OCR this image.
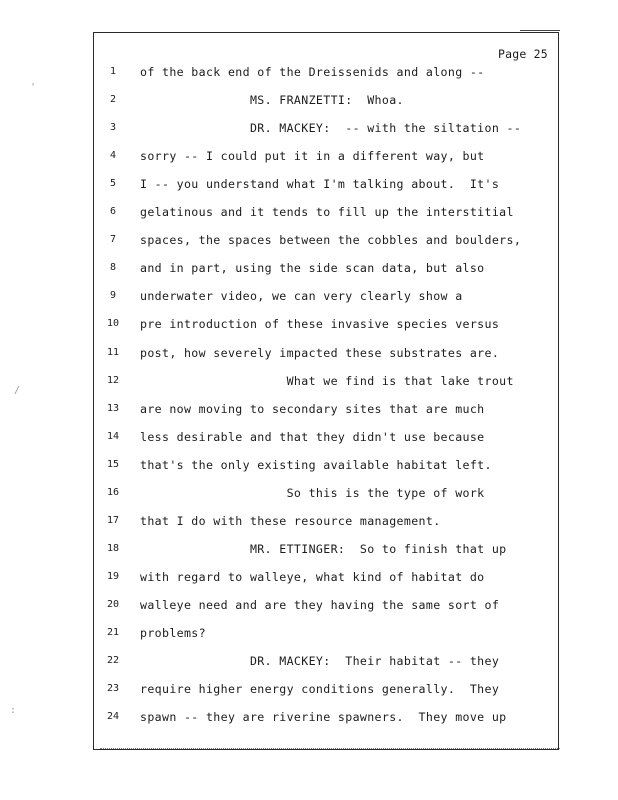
'
/
:
Page 25
1	of the back end of the Dreissenids and along --
2	MS. FRANZETTI:  Whoa.
3	DR. MACKEY:  -- with the siltation --
4	sorry -- I could put it in a different way, but
5	I -- you understand what I'm talking about.  It's
6	gelatinous and it tends to fill up the interstitial
7	spaces, the spaces between the cobbles and boulders,
8	and in part, using the side scan data, but also
9	underwater video, we can very clearly show a
10	pre introduction of these invasive species versus
11	post, how severely impacted these substrates are.
12	What we find is that lake trout
13	are now moving to secondary sites that are much
14	less desirable and that they didn't use because
15	that's the only existing available habitat left.
16	So this is the type of work
17	that I do with these resource management.
18	MR. ETTINGER:  So to finish that up
19	with regard to walleye, what kind of habitat do
20	walleye need and are they having the same sort of
21	problems?
22	DR. MACKEY:  Their habitat -- they
23	require higher energy conditions generally.  They
24	spawn -- they are riverine spawners.  They move up
